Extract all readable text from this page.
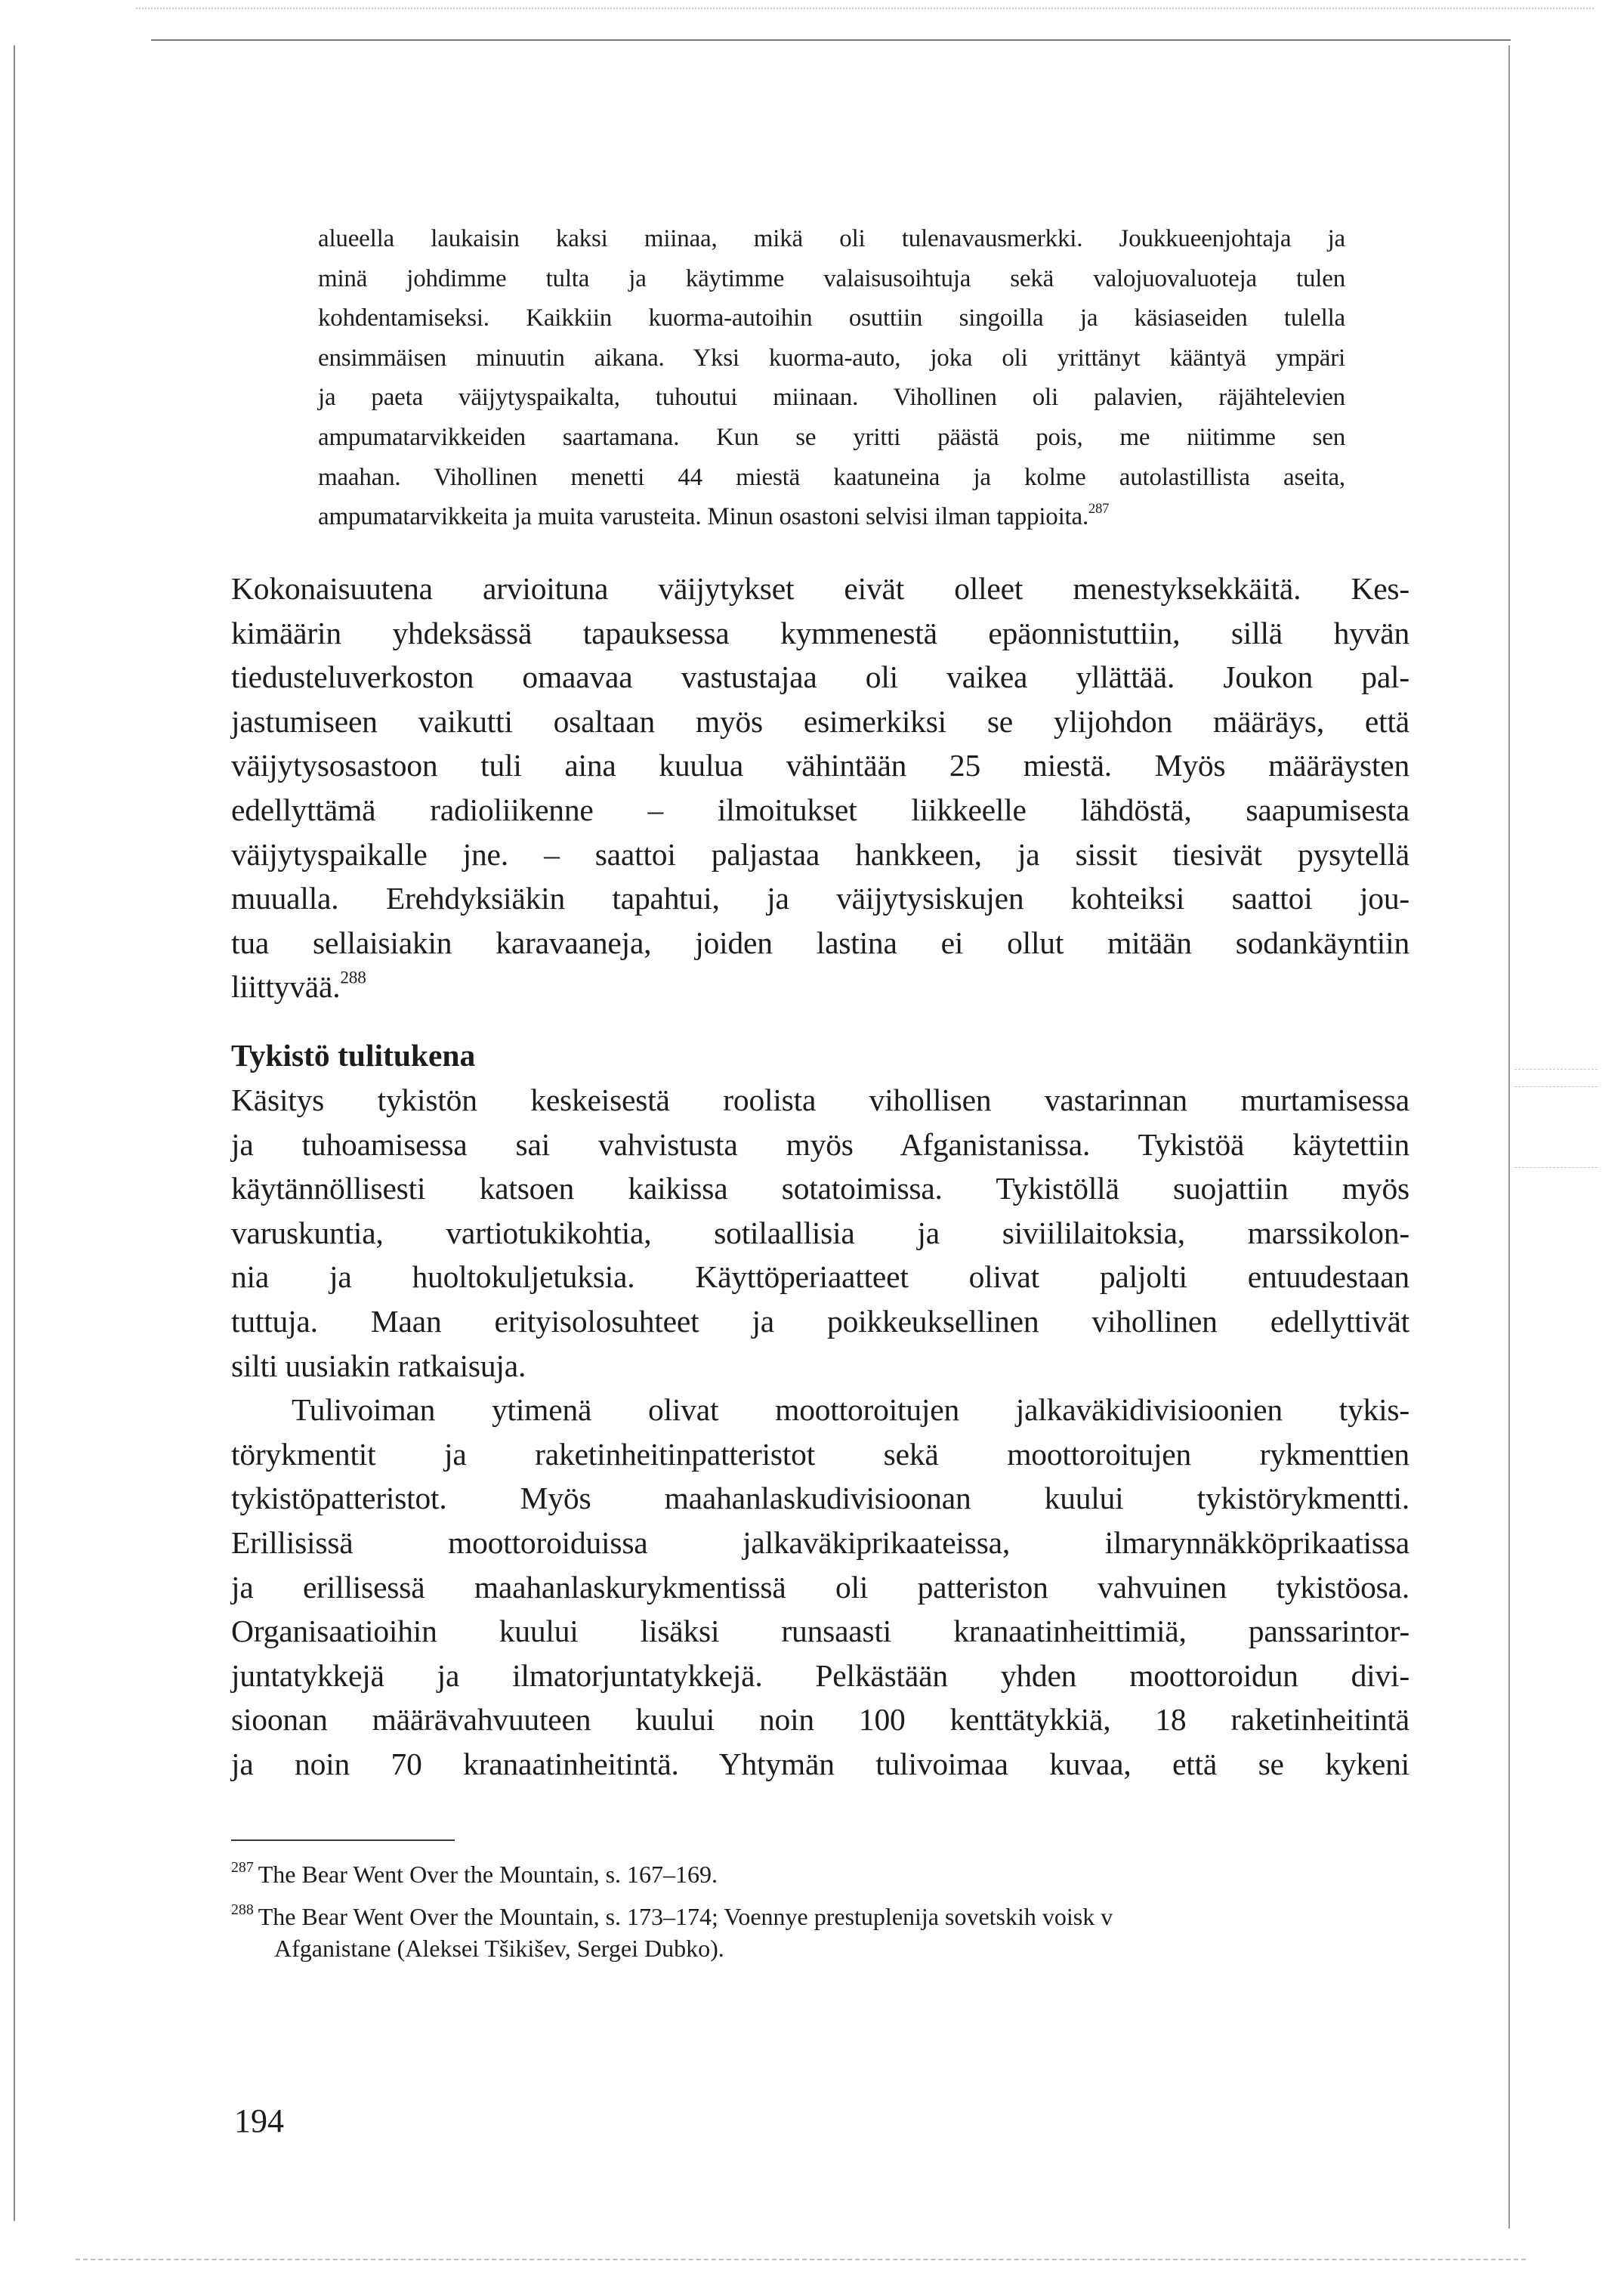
alueella laukaisin kaksi miinaa, mikä oli tulenavausmerkki. Joukkueenjohtaja ja
minä johdimme tulta ja käytimme valaisusoihtuja sekä valojuovaluoteja tulen
kohdentamiseksi. Kaikkiin kuorma-autoihin osuttiin singoilla ja käsiaseiden tulella
ensimmäisen minuutin aikana. Yksi kuorma-auto, joka oli yrittänyt kääntyä ympäri
ja paeta väijytyspaikalta, tuhoutui miinaan. Vihollinen oli palavien, räjähtelevien
ampumatarvikkeiden saartamana. Kun se yritti päästä pois, me niitimme sen
maahan. Vihollinen menetti 44 miestä kaatuneina ja kolme autolastillista aseita,
ampumatarvikkeita ja muita varusteita. Minun osastoni selvisi ilman tappioita.$^{287}$
Kokonaisuutena arvioituna väijytykset eivät olleet menestyksekkäitä. Kes-
kimäärin yhdeksässä tapauksessa kymmenestä epäonnistuttiin, sillä hyvän
tiedusteluverkoston omaavaa vastustajaa oli vaikea yllättää. Joukon pal-
jastumiseen vaikutti osaltaan myös esimerkiksi se ylijohdon määräys, että
väijytysosastoon tuli aina kuulua vähintään 25 miestä. Myös määräysten
edellyttämä radioliikenne – ilmoitukset liikkeelle lähdöstä, saapumisesta
väijytyspaikalle jne. – saattoi paljastaa hankkeen, ja sissit tiesivät pysytellä
muualla. Erehdyksiäkin tapahtui, ja väijytysiskujen kohteiksi saattoi jou-
tua sellaisiakin karavaaneja, joiden lastina ei ollut mitään sodankäyntiin
liittyvää.$^{288}$
Tykistö tulitukena
Käsitys tykistön keskeisestä roolista vihollisen vastarinnan murtamisessa
ja tuhoamisessa sai vahvistusta myös Afganistanissa. Tykistöä käytettiin
käytännöllisesti katsoen kaikissa sotatoimissa. Tykistöllä suojattiin myös
varuskuntia, vartiotukikohtia, sotilaallisia ja siviililaitoksia, marssikolon-
nia ja huoltokuljetuksia. Käyttöperiaatteet olivat paljolti entuudestaan
tuttuja. Maan erityisolosuhteet ja poikkeuksellinen vihollinen edellyttivät
silti uusiakin ratkaisuja.
Tulivoiman ytimenä olivat moottoroitujen jalkaväkidivisioonien tykis-
törykmentit ja raketinheitinpatteristot sekä moottoroitujen rykmenttien
tykistöpatteristot. Myös maahanlaskudivisioonan kuului tykistörykmentti.
Erillisissä moottoroiduissa jalkaväkiprikaateissa, ilmarynnäkköprikaatissa
ja erillisessä maahanlaskurykmentissä oli patteriston vahvuinen tykistöosa.
Organisaatioihin kuului lisäksi runsaasti kranaatinheittimiä, panssarintor-
juntatykkejä ja ilmatorjuntatykkejä. Pelkästään yhden moottoroidun divi-
sioonan määrävahvuuteen kuului noin 100 kenttätykkiä, 18 raketinheitintä
ja noin 70 kranaatinheitintä. Yhtymän tulivoimaa kuvaa, että se kykeni
$^{287}$ The Bear Went Over the Mountain, s. 167–169.
$^{288}$ The Bear Went Over the Mountain, s. 173–174; Voennye prestuplenija sovetskih voisk v
Afganistane (Aleksei Tšikišev, Sergei Dubko).
194
